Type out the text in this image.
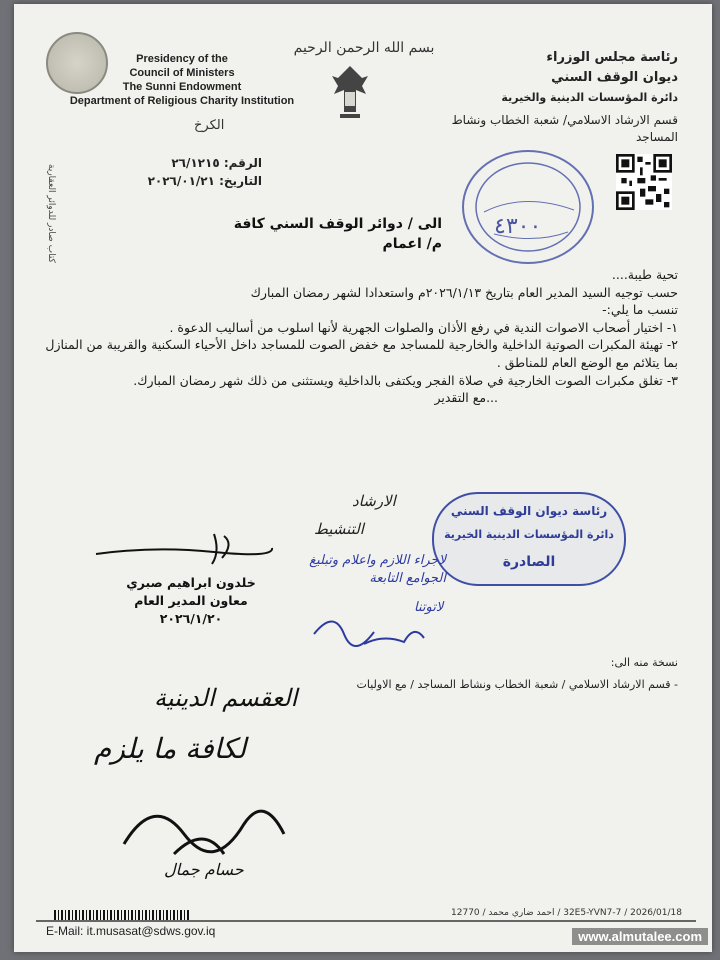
Presidency of the
Council of Ministers
The Sunni Endowment
Department of Religious Charity Institution
بسم الله الرحمن الرحيم
رئاسة مجلس الوزراء
ديوان الوقف السني
دائرة المؤسسات الدينية والخيرية
قسم الارشاد الاسلامي/ شعبة الخطاب ونشاط المساجد
الكرخ
الرقم: ٢٦/١٢١٥
التاريخ: ٢٠٢٦/٠١/٢١
كتاب صادر للدوائر العقارية	٤٣٠٠
الى / دوائر الوقف السني كافة
م/ اعمام

تحية طيبة....

حسب توجيه السيد المدير العام بتاريخ ٢٠٢٦/١/١٣م واستعدادا لشهر رمضان المبارك

تنسب ما يلي:-

١- اختيار أصحاب الاصوات الندية في رفع الأذان والصلوات الجهرية لأنها اسلوب من أساليب الدعوة .

٢- تهيئة المكبرات الصوتية الداخلية والخارجية للمساجد مع خفض الصوت للمساجد داخل الأحياء السكنية والقريبة من المنازل بما يتلائم مع الوضع العام للمناطق .

٣- تغلق مكبرات الصوت الخارجية في صلاة الفجر ويكتفى بالداخلية ويستثنى من ذلك شهر رمضان المبارك.

...مع التقدير

خلدون ابراهيم صبري
معاون المدير العام
٢٠٢٦/١/٢٠
رئاسة ديوان الوقف السني
دائرة المؤسسات الدينية الخيرية
الصادرة
الارشاد
التنشيط
لاجراء اللازم واعلام وتبليغ الجوامع التابعة
لاتوتنا
نسخة منه الى:
- قسم الارشاد الاسلامي / شعبة الخطاب ونشاط المساجد / مع الاوليات
العقسم الدينية
لكافة ما يلزم
حسام جمال
32E5-YVN7-7 / 2026/01/18 / احمد ضاري محمد / 12770
E-Mail: it.musasat@sdws.gov.iq	www.almutalee.com
